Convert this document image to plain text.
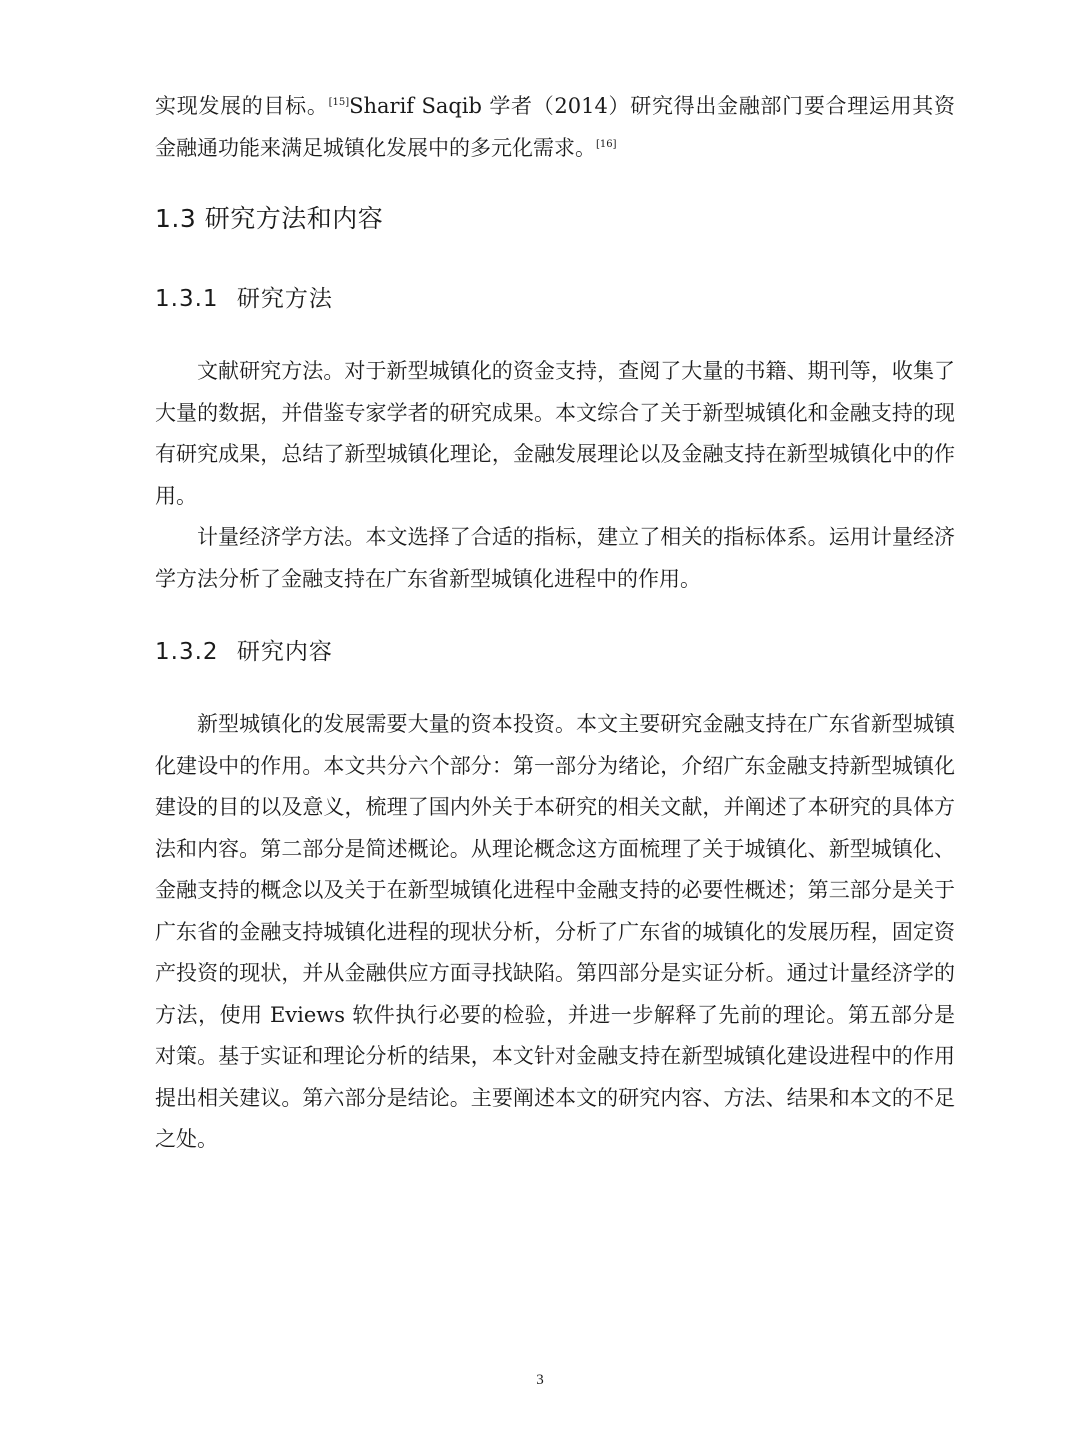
实现发展的目标。[15]Sharif Saqib 学者（2014）研究得出金融部门要合理运用其资金融通功能来满足城镇化发展中的多元化需求。[16]

1.3 研究方法和内容
1.3.1 研究方法

文献研究方法。对于新型城镇化的资金支持，查阅了大量的书籍、期刊等，收集了大量的数据，并借鉴专家学者的研究成果。本文综合了关于新型城镇化和金融支持的现有研究成果，总结了新型城镇化理论，金融发展理论以及金融支持在新型城镇化中的作用。

计量经济学方法。本文选择了合适的指标，建立了相关的指标体系。运用计量经济学方法分析了金融支持在广东省新型城镇化进程中的作用。

1.3.2 研究内容

新型城镇化的发展需要大量的资本投资。本文主要研究金融支持在广东省新型城镇化建设中的作用。本文共分六个部分：第一部分为绪论，介绍广东金融支持新型城镇化建设的目的以及意义，梳理了国内外关于本研究的相关文献，并阐述了本研究的具体方法和内容。第二部分是简述概论。从理论概念这方面梳理了关于城镇化、新型城镇化、金融支持的概念以及关于在新型城镇化进程中金融支持的必要性概述；第三部分是关于广东省的金融支持城镇化进程的现状分析，分析了广东省的城镇化的发展历程，固定资产投资的现状，并从金融供应方面寻找缺陷。第四部分是实证分析。通过计量经济学的方法，使用 Eviews 软件执行必要的检验，并进一步解释了先前的理论。第五部分是对策。基于实证和理论分析的结果，本文针对金融支持在新型城镇化建设进程中的作用提出相关建议。第六部分是结论。主要阐述本文的研究内容、方法、结果和本文的不足之处。

3
